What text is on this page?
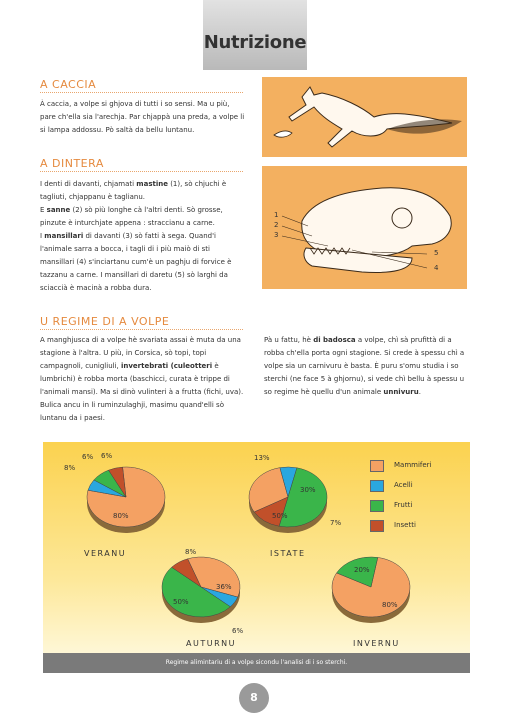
Nutrizione
A CACCIA
À caccia, a volpe si ghjova di tutti i so sensi. Ma u più, pare ch'ella sia l'arechja. Par chjappà una preda, a volpe li si lampa addossu. Pò saltà da bellu luntanu.
A DINTERA
I denti di davanti, chjamati mastine (1), sò chjuchi è tagliuti, chjappanu è taglianu.
E sanne (2) sò più longhe cà l'altri denti. Sò grosse, pinzute è inturchjate appena : straccianu a carne.
I mansillari di davanti (3) sò fatti à sega. Quand'i l'animale sarra a bocca, i tagli di i più maiò di sti mansillari (4) s'inciartanu cum'è un paghju di forvice è tazzanu a carne. I mansillari di daretu (5) sò larghi da sciaccià è macinà a robba dura.
1
2
3
5
4
U REGIME DI A VOLPE
A manghjusca di a volpe hè svariata assai è muta da una stagione à l'altra. U più, in Corsica, sò topi, topi campagnoli, cunigliuli, invertebrati (culeotteri è lumbrichi) è robba morta (baschicci, curata è trippe di l'animali mansi). Ma si dinò vulinteri à a frutta (fichi, uva). Bulica ancu in li ruminzulaghji, masimu quand'elli sò luntanu da i paesi.
Pà u fattu, hè di badosca a volpe, chì sà prufittà di a robba ch'ella porta ogni stagione. Si crede à spessu chì a volpe sia un carnivuru è basta. È puru s'omu studia i so sterchi (ne face 5 à ghjornu), si vede chì bellu à spessu u so regime hè quellu d'un animale unnivuru.
Mammiferi
Acelli
Frutti
Insetti
VERANU	ISTATE
AUTURNU	INVERNU
80%
6%
8%
6%
30%
7%
50%
13%
36%
6%
50%
8%
80%
20%
Regime alimintariu di a volpe sicondu l'analisi di i so sterchi.
8
